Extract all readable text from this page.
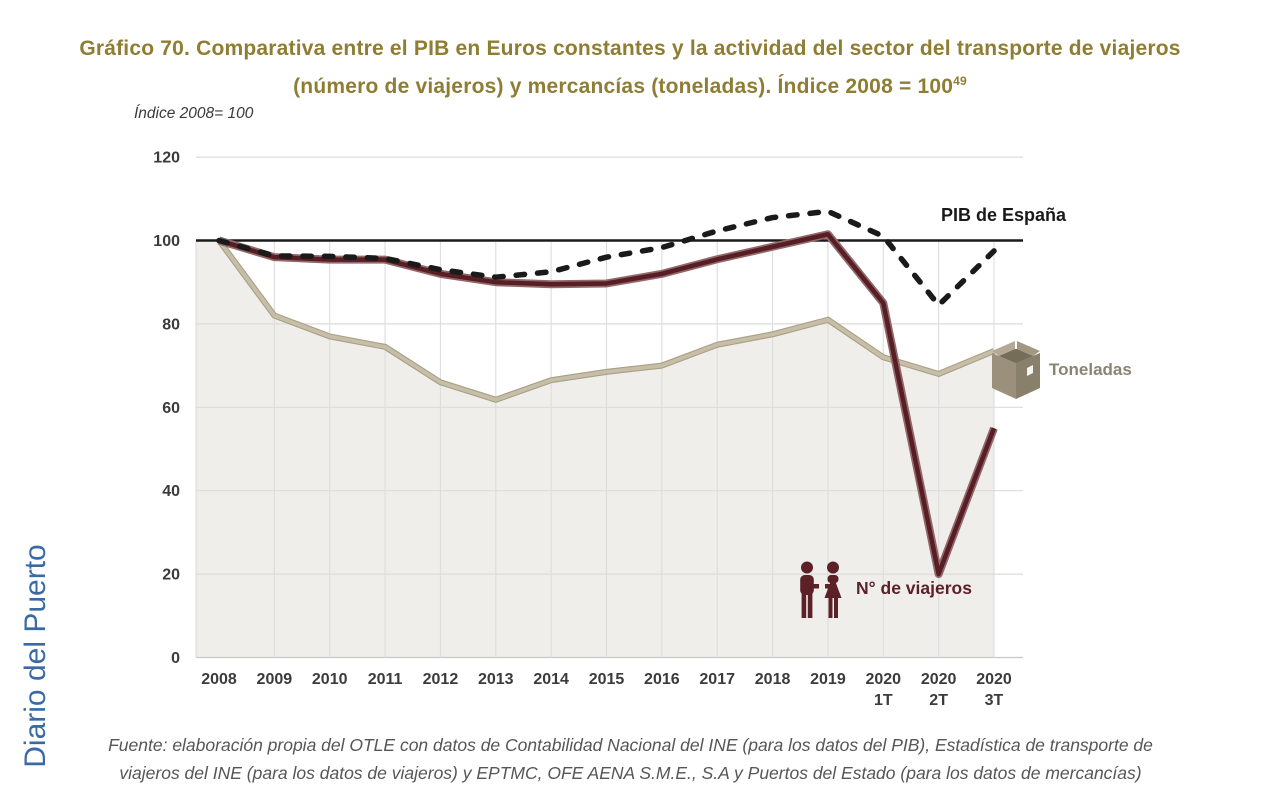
Diario del Puerto
Gráfico 70. Comparativa entre el PIB en Euros constantes y la actividad del sector del transporte de viajeros
(número de viajeros) y mercancías (toneladas). Índice $2008 = 100^{49}$
Índice 2008= 100
0
20
40
60
80
100
120
2008 2009 2010 2011 2012 2013 2014 2015 2016 2017 2018 2019 2020
1T
2020
2T
2020
3T
PIB de España
Toneladas
N° de viajeros
Fuente: elaboración propia del OTLE con datos de Contabilidad Nacional del INE (para los datos del PIB), Estadística de transporte de
viajeros del INE (para los datos de viajeros) y EPTMC, OFE AENA S.M.E., S.A y Puertos del Estado (para los datos de mercancías)
